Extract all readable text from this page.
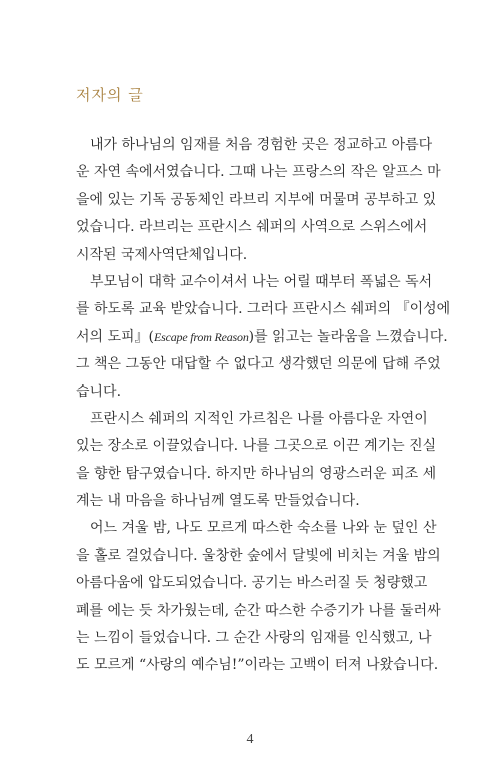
저자의 글
내가 하나님의 임재를 처음 경험한 곳은 정교하고 아름다
운 자연 속에서였습니다. 그때 나는 프랑스의 작은 알프스 마
을에 있는 기독 공동체인 라브리 지부에 머물며 공부하고 있
었습니다. 라브리는 프란시스 쉐퍼의 사역으로 스위스에서
시작된 국제사역단체입니다.
부모님이 대학 교수이셔서 나는 어릴 때부터 폭넓은 독서
를 하도록 교육 받았습니다. 그러다 프란시스 쉐퍼의 『이성에
서의 도피』(Escape from Reason)를 읽고는 놀라움을 느꼈습니다.
그 책은 그동안 대답할 수 없다고 생각했던 의문에 답해 주었
습니다.
프란시스 쉐퍼의 지적인 가르침은 나를 아름다운 자연이
있는 장소로 이끌었습니다. 나를 그곳으로 이끈 계기는 진실
을 향한 탐구였습니다. 하지만 하나님의 영광스러운 피조 세
계는 내 마음을 하나님께 열도록 만들었습니다.
어느 겨울 밤, 나도 모르게 따스한 숙소를 나와 눈 덮인 산
을 홀로 걸었습니다. 울창한 숲에서 달빛에 비치는 겨울 밤의
아름다움에 압도되었습니다. 공기는 바스러질 듯 청량했고
폐를 에는 듯 차가웠는데, 순간 따스한 수증기가 나를 둘러싸
는 느낌이 들었습니다. 그 순간 사랑의 임재를 인식했고, 나
도 모르게 “사랑의 예수님!”이라는 고백이 터져 나왔습니다.
4
